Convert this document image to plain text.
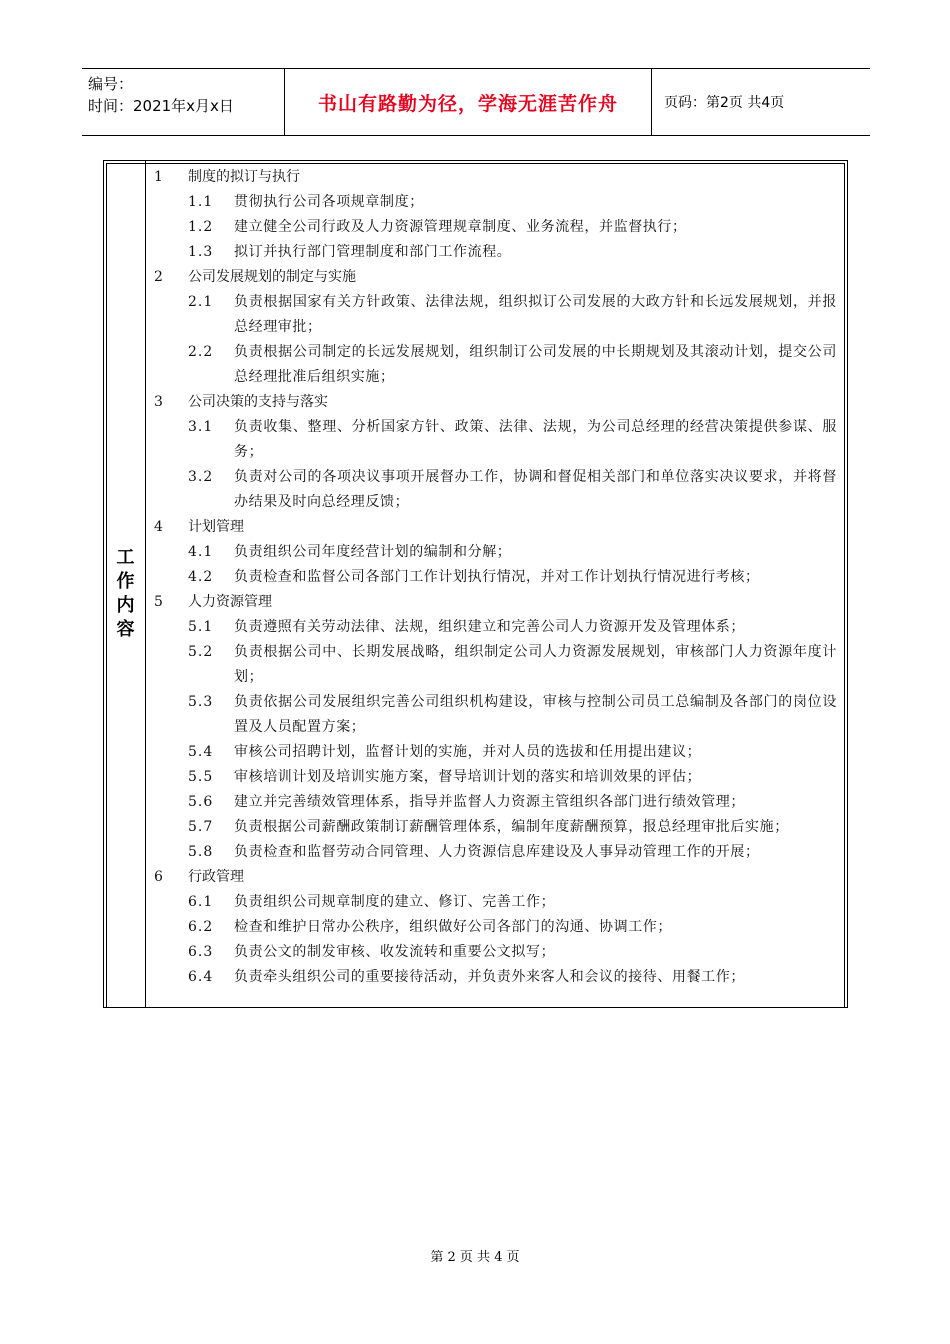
编号：
时间：2021年x月x日	书山有路勤为径，学海无涯苦作舟	页码：第2页 共4页
工作内容
1	制度的拟订与执行
1.1	贯彻执行公司各项规章制度；
1.2	建立健全公司行政及人力资源管理规章制度、业务流程，并监督执行；
1.3	拟订并执行部门管理制度和部门工作流程。
2	公司发展规划的制定与实施
2.1	负责根据国家有关方针政策、法律法规，组织拟订公司发展的大政方针和长远发展规划，并报总经理审批；
2.2	负责根据公司制定的长远发展规划，组织制订公司发展的中长期规划及其滚动计划，提交公司总经理批准后组织实施；
3	公司决策的支持与落实
3.1	负责收集、整理、分析国家方针、政策、法律、法规，为公司总经理的经营决策提供参谋、服务；
3.2	负责对公司的各项决议事项开展督办工作，协调和督促相关部门和单位落实决议要求，并将督办结果及时向总经理反馈；
4	计划管理
4.1	负责组织公司年度经营计划的编制和分解；
4.2	负责检查和监督公司各部门工作计划执行情况，并对工作计划执行情况进行考核；
5	人力资源管理
5.1	负责遵照有关劳动法律、法规，组织建立和完善公司人力资源开发及管理体系；
5.2	负责根据公司中、长期发展战略，组织制定公司人力资源发展规划，审核部门人力资源年度计划；
5.3	负责依据公司发展组织完善公司组织机构建设，审核与控制公司员工总编制及各部门的岗位设置及人员配置方案；
5.4	审核公司招聘计划，监督计划的实施，并对人员的选拔和任用提出建议；
5.5	审核培训计划及培训实施方案，督导培训计划的落实和培训效果的评估；
5.6	建立并完善绩效管理体系，指导并监督人力资源主管组织各部门进行绩效管理；
5.7	负责根据公司薪酬政策制订薪酬管理体系，编制年度薪酬预算，报总经理审批后实施；
5.8	负责检查和监督劳动合同管理、人力资源信息库建设及人事异动管理工作的开展；
6	行政管理
6.1	负责组织公司规章制度的建立、修订、完善工作；
6.2	检查和维护日常办公秩序，组织做好公司各部门的沟通、协调工作；
6.3	负责公文的制发审核、收发流转和重要公文拟写；
6.4	负责牵头组织公司的重要接待活动，并负责外来客人和会议的接待、用餐工作；
第 2 页 共 4 页
